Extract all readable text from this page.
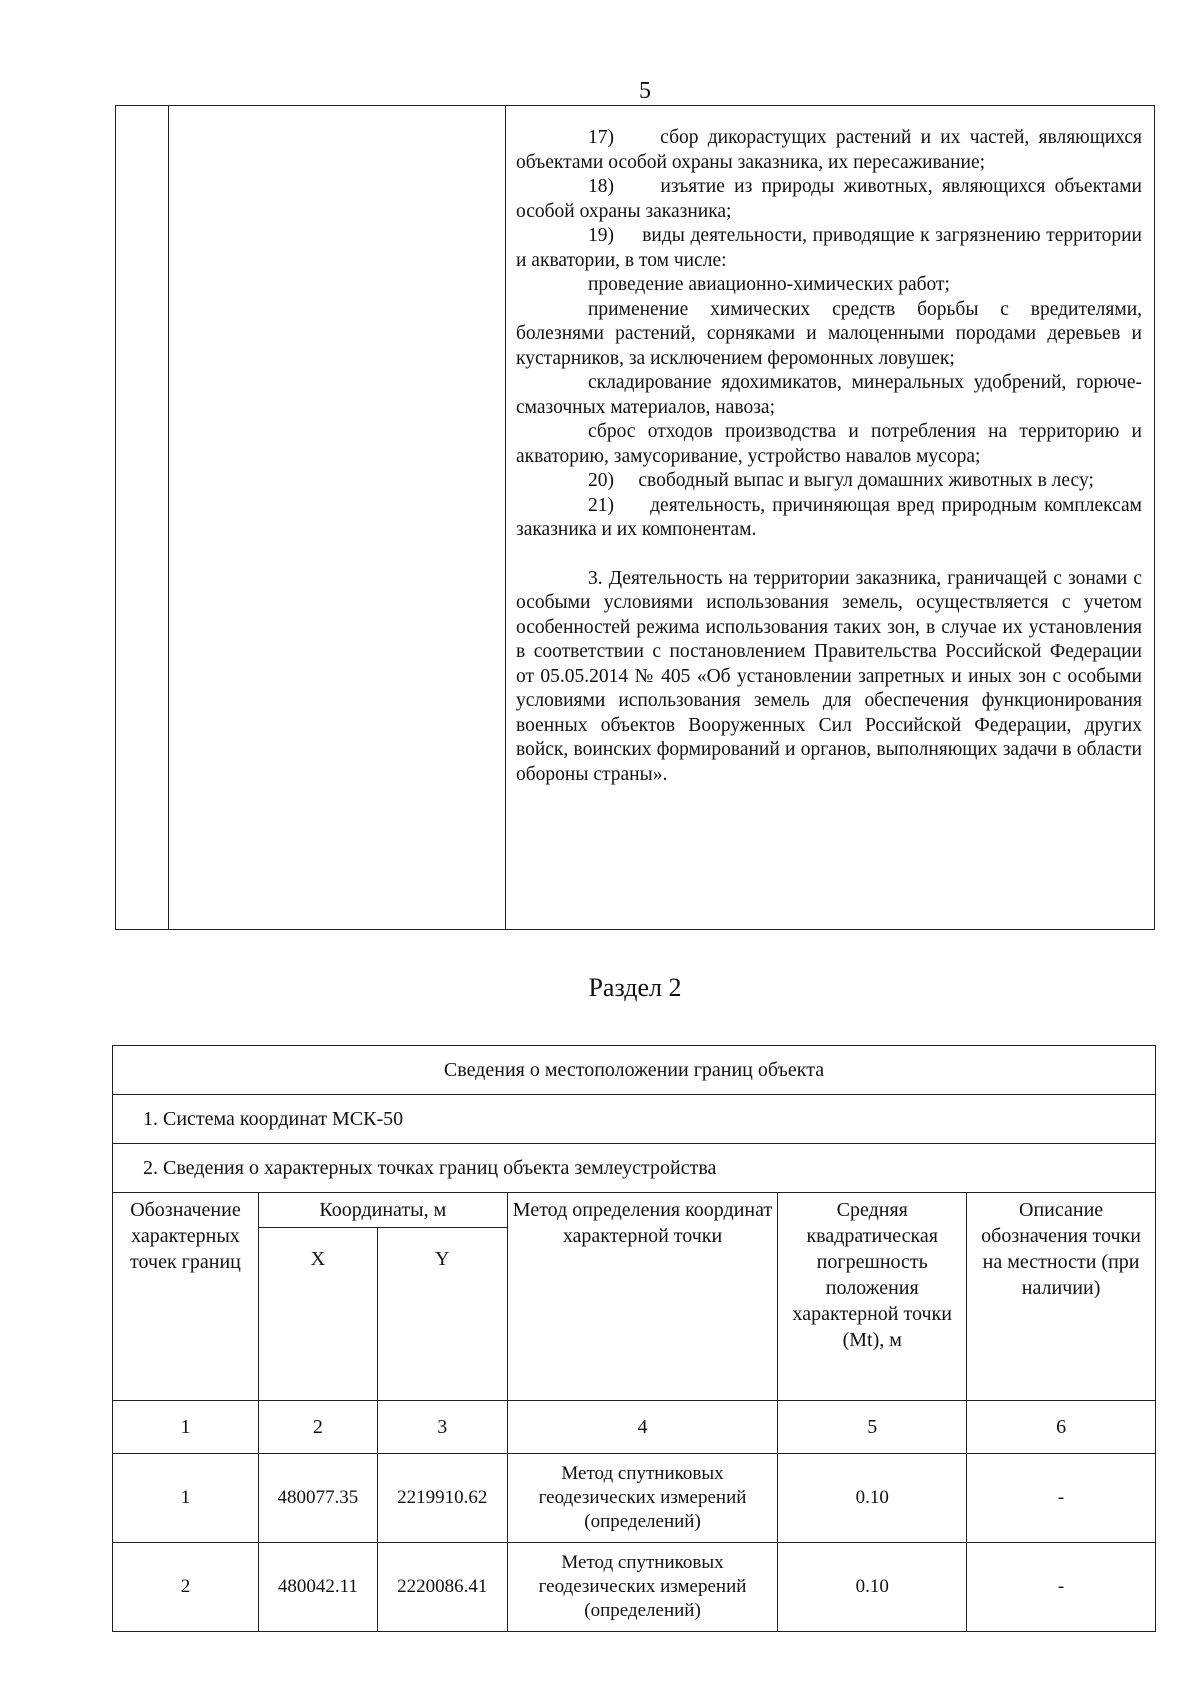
5

17)     сбор дикорастущих растений и их частей, являющихся объектами особой охраны заказника, их пересаживание;

18)     изъятие из природы животных, являющихся объектами особой охраны заказника;

19)     виды деятельности, приводящие к загрязнению территории и акватории, в том числе:

проведение авиационно-химических работ;

применение химических средств борьбы с вредителями, болезнями растений, сорняками и малоценными породами деревьев и кустарников, за исключением феромонных ловушек;

складирование ядохимикатов, минеральных удобрений, горюче-смазочных материалов, навоза;

сброс отходов производства и потребления на территорию и акваторию, замусоривание, устройство навалов мусора;

20)     свободный выпас и выгул домашних животных в лесу;

21)     деятельность, причиняющая вред природным комплексам заказника и их компонентам.

3. Деятельность на территории заказника, граничащей с зонами с особыми условиями использования земель, осуществляется с учетом особенностей режима использования таких зон, в случае их установления в соответствии с постановлением Правительства Российской Федерации от 05.05.2014 № 405 «Об установлении запретных и иных зон с особыми условиями использования земель для обеспечения функционирования военных объектов Вооруженных Сил Российской Федерации, других войск, воинских формирований и органов, выполняющих задачи в области обороны страны».

Раздел 2
Сведения о местоположении границ объекта					
1. Система координат МСК-50					
2. Сведения о характерных точках границ объекта землеустройства					
Обозначение характерных точек границ	Координаты, м		Метод определения координат характерной точки	Средняя квадратическая погрешность положения характерной точки (Mt), м	Описание обозначения точки на местности (при наличии)
	X	Y			
1	2	3	4	5	6
1	480077.35	2219910.62	Метод спутниковых геодезических измерений (определений)	0.10	-
2	480042.11	2220086.41	Метод спутниковых геодезических измерений (определений)	0.10	-
